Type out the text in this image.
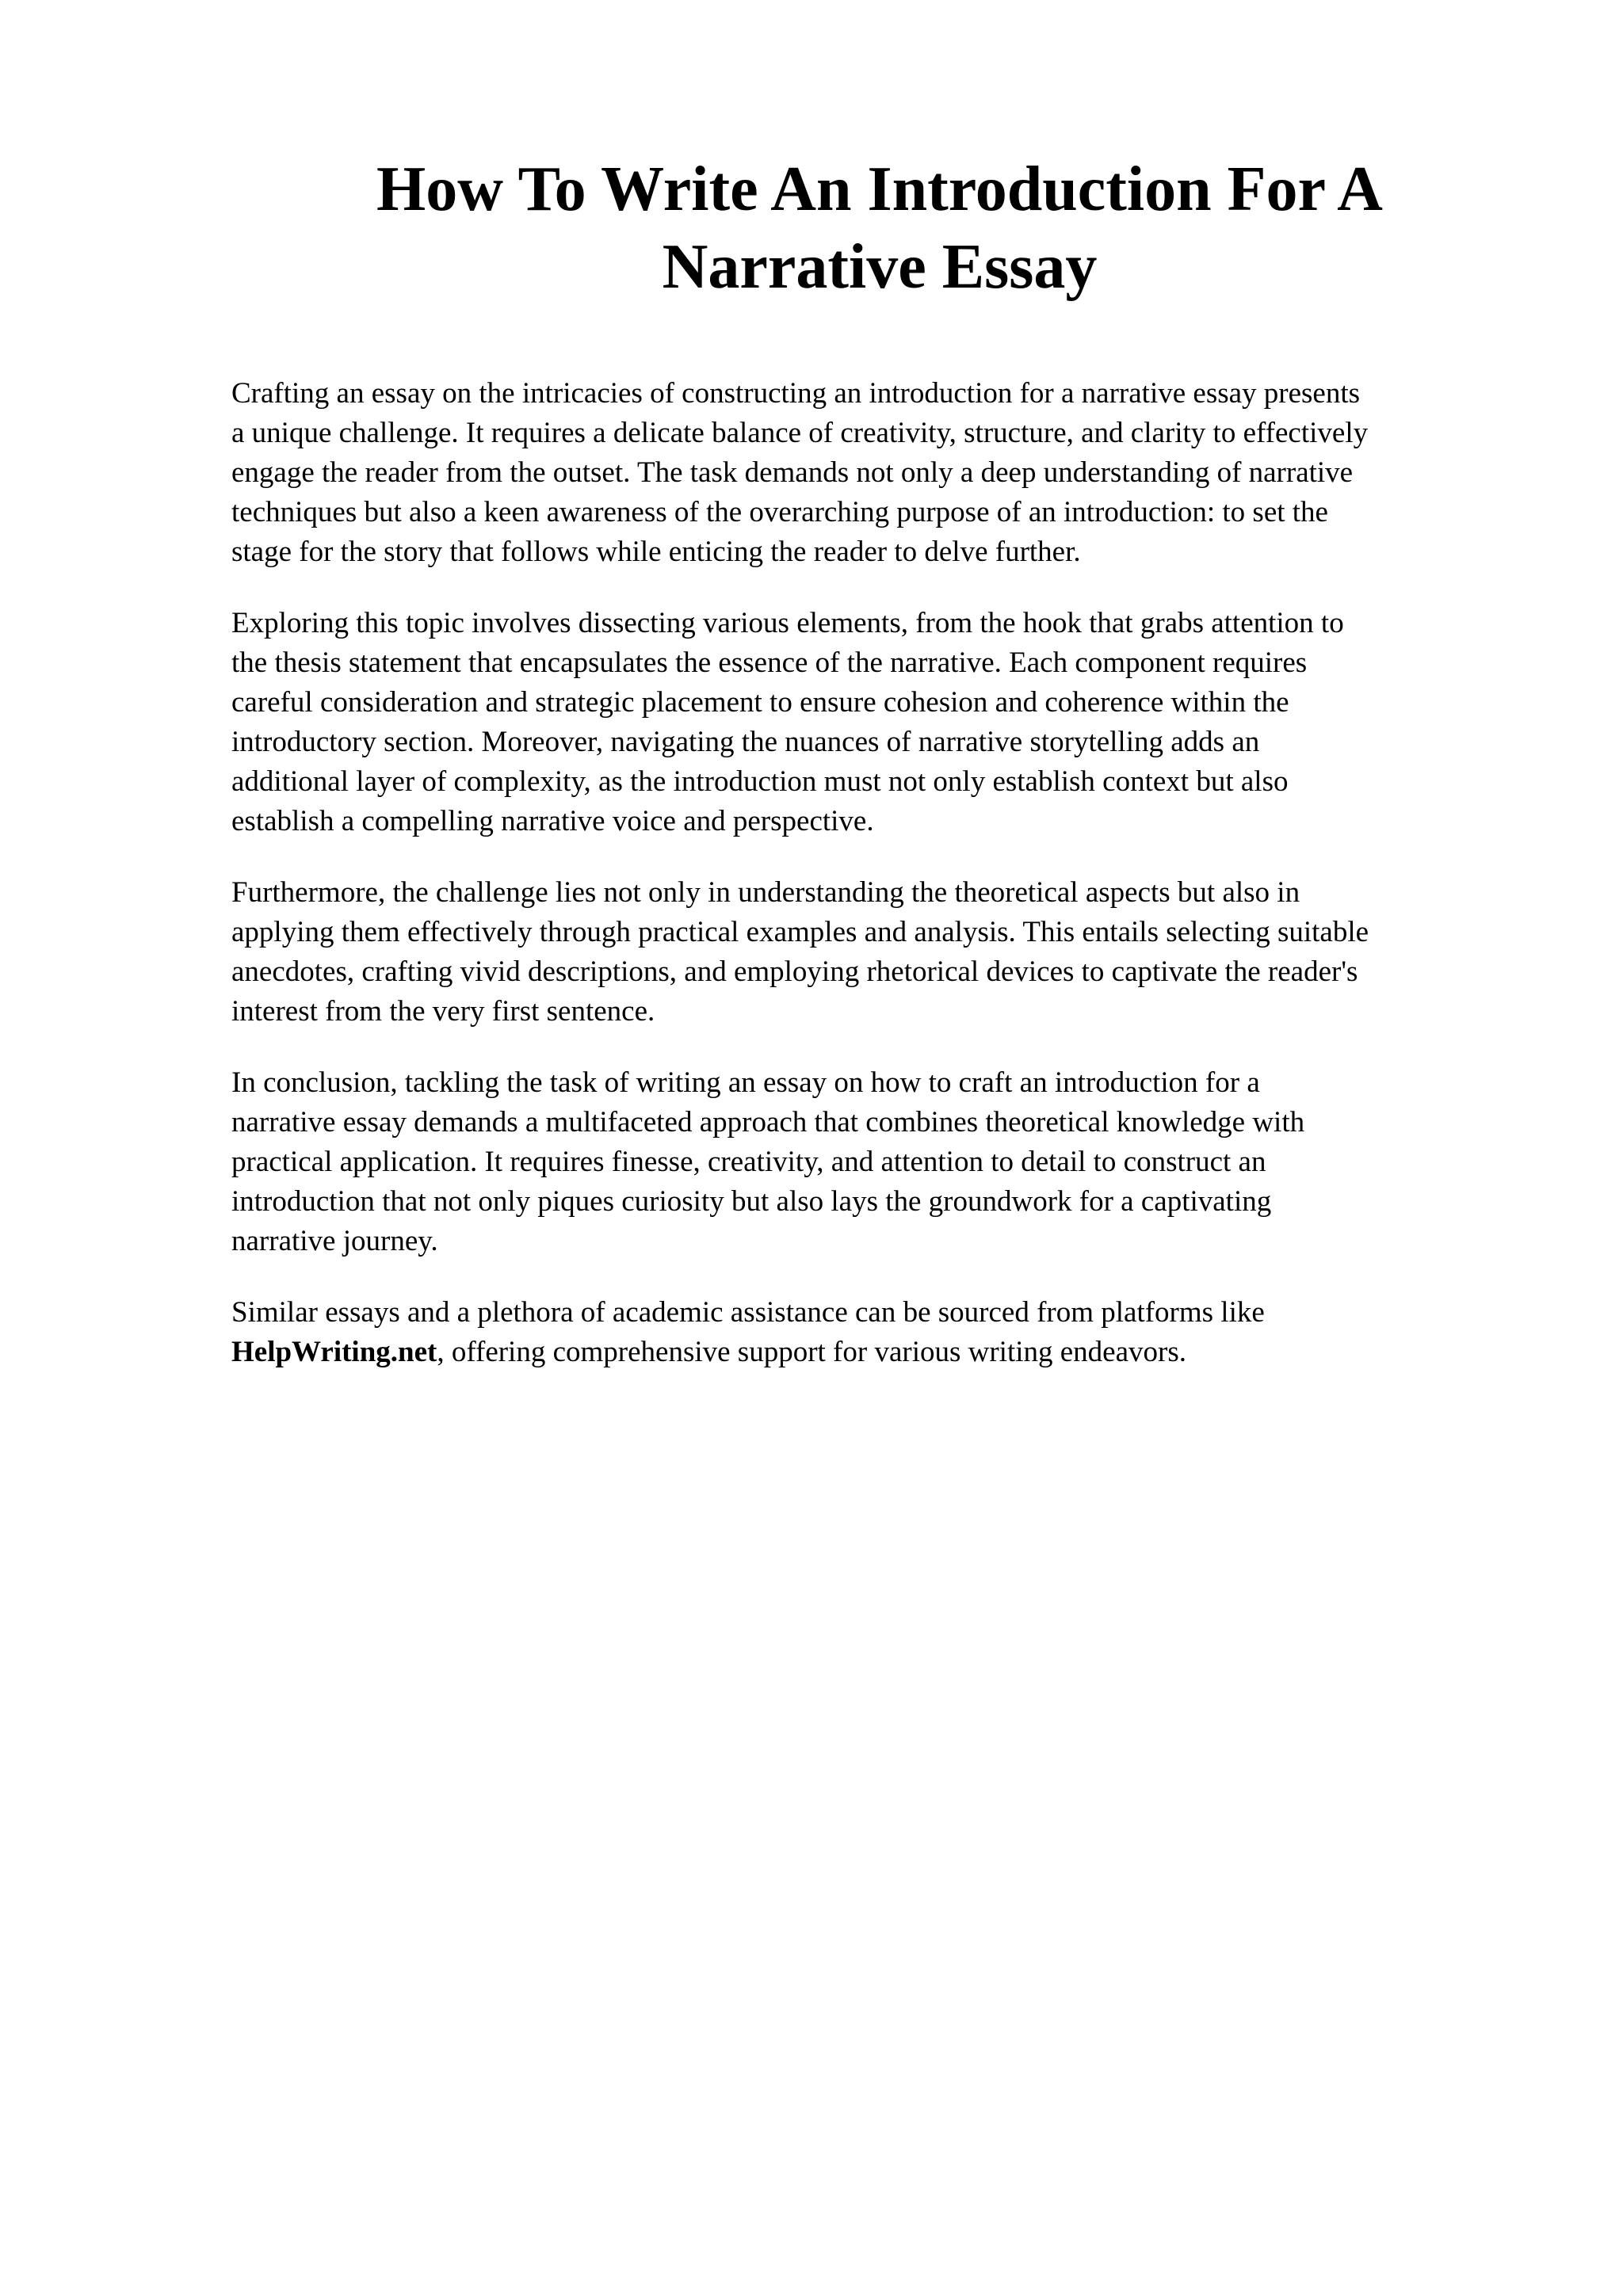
How To Write An Introduction For A
Narrative Essay

Crafting an essay on the intricacies of constructing an introduction for a narrative essay presents
a unique challenge. It requires a delicate balance of creativity, structure, and clarity to effectively
engage the reader from the outset. The task demands not only a deep understanding of narrative
techniques but also a keen awareness of the overarching purpose of an introduction: to set the
stage for the story that follows while enticing the reader to delve further.

Exploring this topic involves dissecting various elements, from the hook that grabs attention to
the thesis statement that encapsulates the essence of the narrative. Each component requires
careful consideration and strategic placement to ensure cohesion and coherence within the
introductory section. Moreover, navigating the nuances of narrative storytelling adds an
additional layer of complexity, as the introduction must not only establish context but also
establish a compelling narrative voice and perspective.

Furthermore, the challenge lies not only in understanding the theoretical aspects but also in
applying them effectively through practical examples and analysis. This entails selecting suitable
anecdotes, crafting vivid descriptions, and employing rhetorical devices to captivate the reader's
interest from the very first sentence.

In conclusion, tackling the task of writing an essay on how to craft an introduction for a
narrative essay demands a multifaceted approach that combines theoretical knowledge with
practical application. It requires finesse, creativity, and attention to detail to construct an
introduction that not only piques curiosity but also lays the groundwork for a captivating
narrative journey.

Similar essays and a plethora of academic assistance can be sourced from platforms like
HelpWriting.net, offering comprehensive support for various writing endeavors.
